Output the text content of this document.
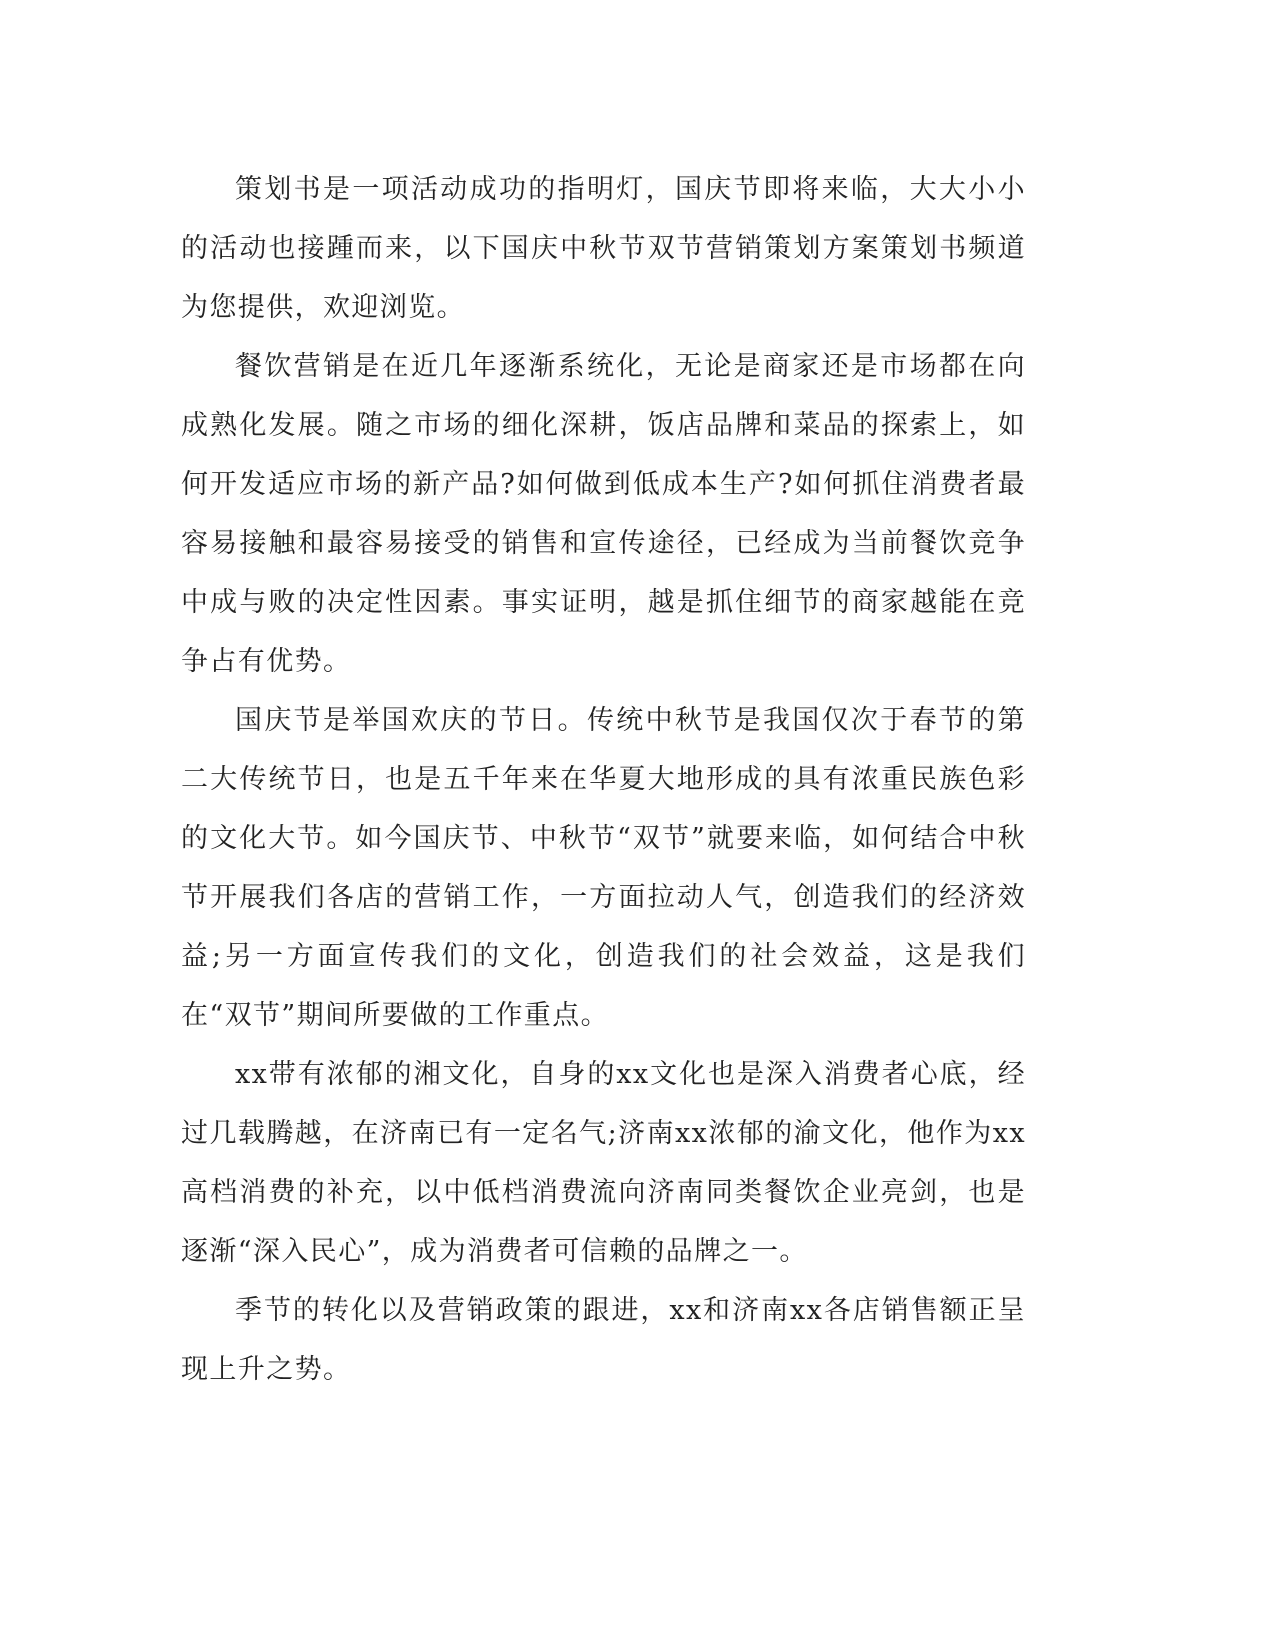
策划书是一项活动成功的指明灯，国庆节即将来临，大大小小的活动也接踵而来，以下国庆中秋节双节营销策划方案策划书频道为您提供，欢迎浏览。

餐饮营销是在近几年逐渐系统化，无论是商家还是市场都在向成熟化发展。随之市场的细化深耕，饭店品牌和菜品的探索上，如何开发适应市场的新产品?如何做到低成本生产?如何抓住消费者最容易接触和最容易接受的销售和宣传途径，已经成为当前餐饮竞争中成与败的决定性因素。事实证明，越是抓住细节的商家越能在竞争占有优势。

国庆节是举国欢庆的节日。传统中秋节是我国仅次于春节的第二大传统节日，也是五千年来在华夏大地形成的具有浓重民族色彩的文化大节。如今国庆节、中秋节“双节”就要来临，如何结合中秋节开展我们各店的营销工作，一方面拉动人气，创造我们的经济效益;另一方面宣传我们的文化，创造我们的社会效益，这是我们在“双节”期间所要做的工作重点。

xx带有浓郁的湘文化，自身的xx文化也是深入消费者心底，经过几载腾越，在济南已有一定名气;济南xx浓郁的渝文化，他作为xx高档消费的补充，以中低档消费流向济南同类餐饮企业亮剑，也是逐渐“深入民心”，成为消费者可信赖的品牌之一。

季节的转化以及营销政策的跟进，xx和济南xx各店销售额正呈现上升之势。
